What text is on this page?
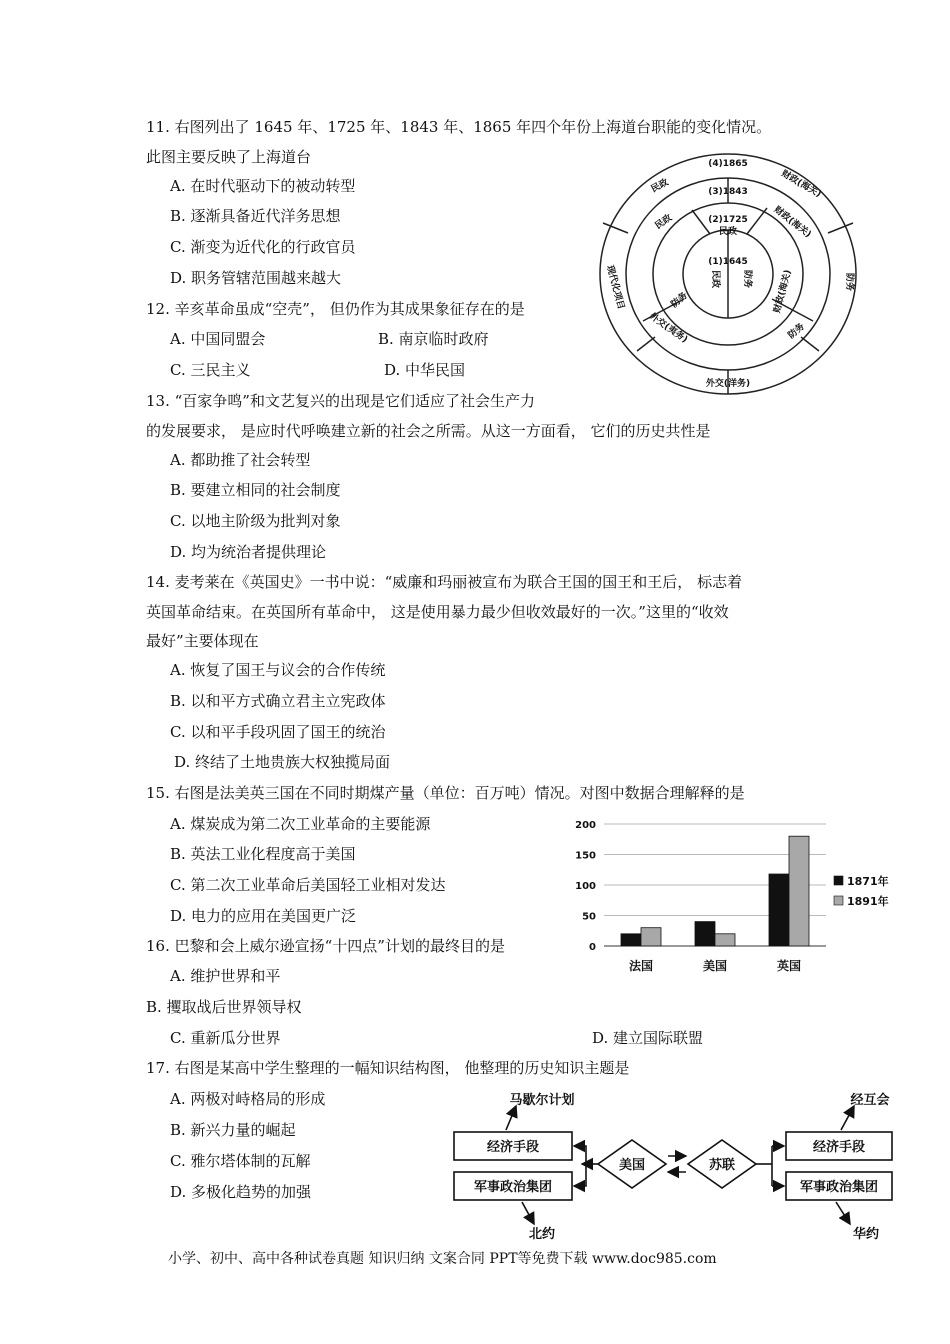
11. 右图列出了 1645 年、1725 年、1843 年、1865 年四个年份上海道台职能的变化情况。
此图主要反映了上海道台
A. 在时代驱动下的被动转型
B. 逐渐具备近代洋务思想
C. 渐变为近代化的行政官员
D. 职务管辖范围越来越大
(4)1865
(3)1843
(2)1725
民政
(1)1645
民政	财政(海关)
民政	财政(海关)
民政 防务 财政(海关)	防务
现代化项目	防务
外交(夷务)	防务
外交(洋务)
12. 辛亥革命虽成“空壳”， 但仍作为其成果象征存在的是
A. 中国同盟会	B. 南京临时政府
C. 三民主义	D. 中华民国
13. “百家争鸣”和文艺复兴的出现是它们适应了社会生产力
的发展要求， 是应时代呼唤建立新的社会之所需。从这一方面看， 它们的历史共性是
A. 都助推了社会转型
B. 要建立相同的社会制度
C. 以地主阶级为批判对象
D. 均为统治者提供理论
14. 麦考莱在《英国史》一书中说：“威廉和玛丽被宣布为联合王国的国王和王后， 标志着
英国革命结束。在英国所有革命中， 这是使用暴力最少但收效最好的一次。”这里的“收效
最好”主要体现在
A. 恢复了国王与议会的合作传统
B. 以和平方式确立君主立宪政体
C. 以和平手段巩固了国王的统治
D. 终结了土地贵族大权独揽局面
15. 右图是法美英三国在不同时期煤产量（单位：百万吨）情况。对图中数据合理解释的是
A. 煤炭成为第二次工业革命的主要能源
B. 英法工业化程度高于美国
C. 第二次工业革命后美国轻工业相对发达
D. 电力的应用在美国更广泛
0
50
100
150
200
法国	美国	英国
1871年
1891年
16. 巴黎和会上威尔逊宣扬“十四点”计划的最终目的是
A. 维护世界和平
B. 攫取战后世界领导权
C. 重新瓜分世界	D. 建立国际联盟
17. 右图是某高中学生整理的一幅知识结构图， 他整理的历史知识主题是
A. 两极对峙格局的形成
B. 新兴力量的崛起
C. 雅尔塔体制的瓦解
D. 多极化趋势的加强
马歇尔计划	经互会
经济手段
军事政治集团
经济手段
军事政治集团
美国	苏联
北约	华约
小学、初中、高中各种试卷真题 知识归纳 文案合同 PPT等免费下载 www.doc985.com
